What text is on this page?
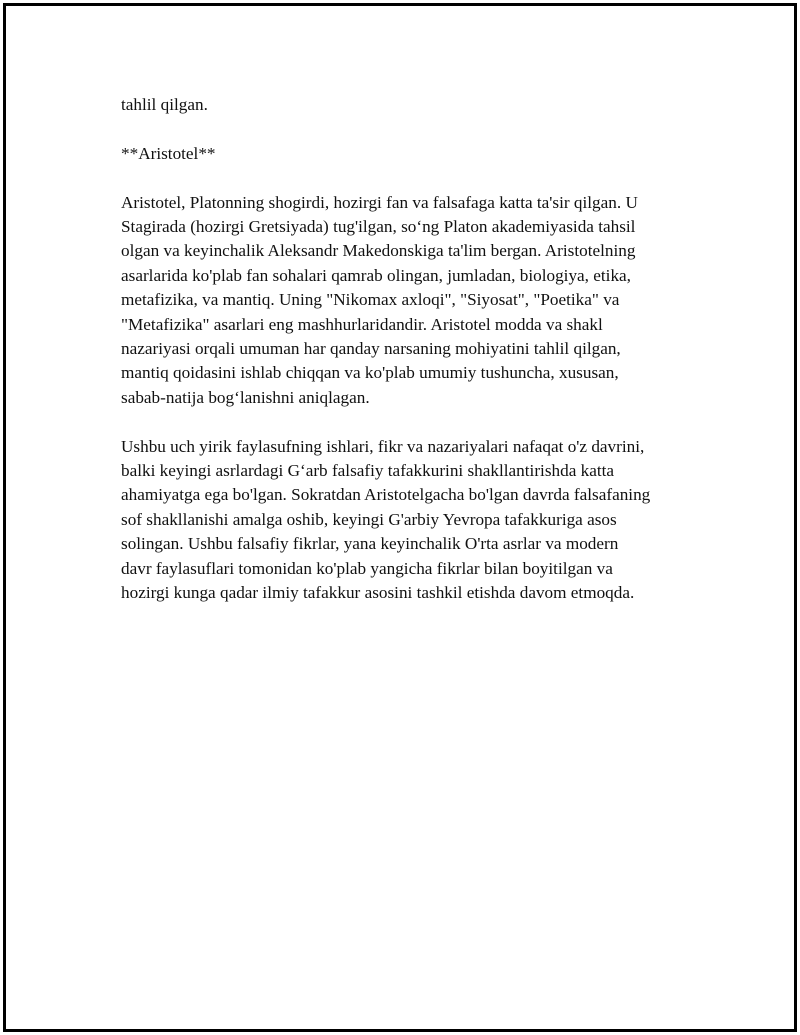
tahlil qilgan.

**Aristotel**

Aristotel, Platonning shogirdi, hozirgi fan va falsafaga katta ta'sir qilgan. U
Stagirada (hozirgi Gretsiyada) tug'ilgan, so‘ng Platon akademiyasida tahsil
olgan va keyinchalik Aleksandr Makedonskiga ta'lim bergan. Aristotelning
asarlarida ko'plab fan sohalari qamrab olingan, jumladan, biologiya, etika,
metafizika, va mantiq. Uning "Nikomax axloqi", "Siyosat", "Poetika" va
"Metafizika" asarlari eng mashhurlaridandir. Aristotel modda va shakl
nazariyasi orqali umuman har qanday narsaning mohiyatini tahlil qilgan,
mantiq qoidasini ishlab chiqqan va ko'plab umumiy tushuncha, xususan,
sabab-natija bog‘lanishni aniqlagan.

Ushbu uch yirik faylasufning ishlari, fikr va nazariyalari nafaqat o'z davrini,
balki keyingi asrlardagi G‘arb falsafiy tafakkurini shakllantirishda katta
ahamiyatga ega bo'lgan. Sokratdan Aristotelgacha bo'lgan davrda falsafaning
sof shakllanishi amalga oshib, keyingi G'arbiy Yevropa tafakkuriga asos
solingan. Ushbu falsafiy fikrlar, yana keyinchalik O'rta asrlar va modern
davr faylasuflari tomonidan ko'plab yangicha fikrlar bilan boyitilgan va
hozirgi kunga qadar ilmiy tafakkur asosini tashkil etishda davom etmoqda.
